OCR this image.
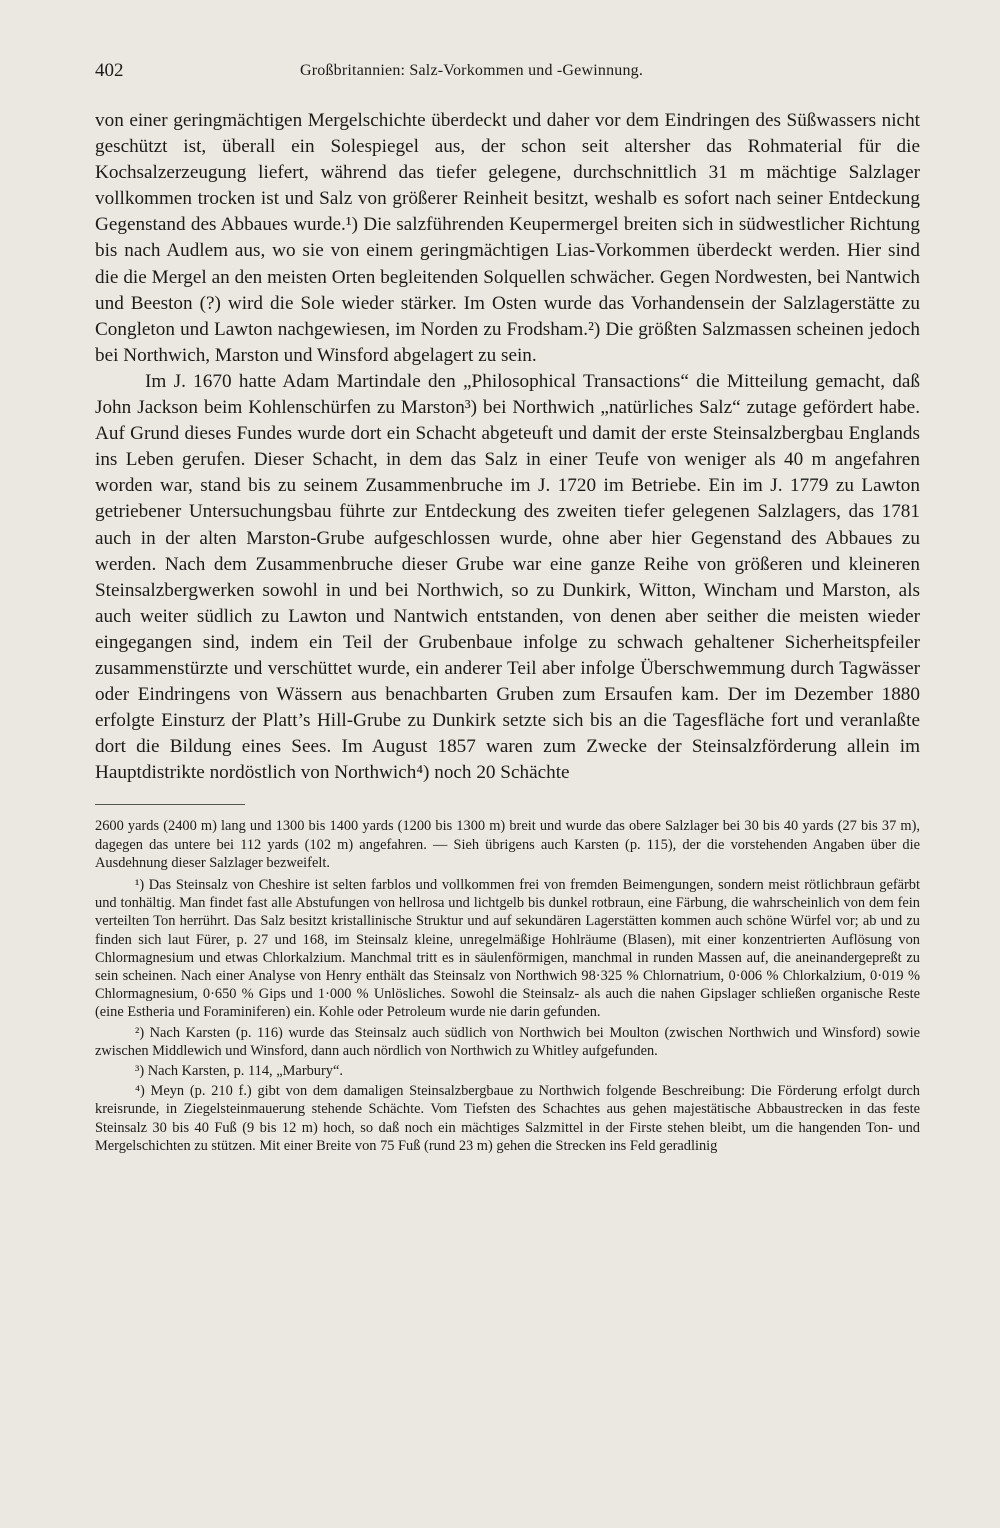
402	Großbritannien: Salz-Vorkommen und -Gewinnung.

von einer geringmächtigen Mergelschichte überdeckt und daher vor dem Eindringen des Süßwassers nicht geschützt ist, überall ein Solespiegel aus, der schon seit altersher das Rohmaterial für die Kochsalzerzeugung liefert, während das tiefer gelegene, durchschnittlich 31 m mächtige Salzlager vollkommen trocken ist und Salz von größerer Reinheit besitzt, weshalb es sofort nach seiner Entdeckung Gegenstand des Abbaues wurde.¹) Die salzführenden Keupermergel breiten sich in südwestlicher Richtung bis nach Audlem aus, wo sie von einem geringmächtigen Lias-Vorkommen überdeckt werden. Hier sind die die Mergel an den meisten Orten begleitenden Solquellen schwächer. Gegen Nordwesten, bei Nantwich und Beeston (?) wird die Sole wieder stärker. Im Osten wurde das Vorhandensein der Salzlagerstätte zu Congleton und Lawton nachgewiesen, im Norden zu Frodsham.²) Die größten Salzmassen scheinen jedoch bei Northwich, Marston und Winsford abgelagert zu sein.

Im J. 1670 hatte Adam Martindale den „Philosophical Transactions“ die Mitteilung gemacht, daß John Jackson beim Kohlenschürfen zu Marston³) bei Northwich „natürliches Salz“ zutage gefördert habe. Auf Grund dieses Fundes wurde dort ein Schacht abgeteuft und damit der erste Steinsalzbergbau Englands ins Leben gerufen. Dieser Schacht, in dem das Salz in einer Teufe von weniger als 40 m angefahren worden war, stand bis zu seinem Zusammenbruche im J. 1720 im Betriebe. Ein im J. 1779 zu Lawton getriebener Untersuchungsbau führte zur Entdeckung des zweiten tiefer gelegenen Salzlagers, das 1781 auch in der alten Marston-Grube aufgeschlossen wurde, ohne aber hier Gegenstand des Abbaues zu werden. Nach dem Zusammenbruche dieser Grube war eine ganze Reihe von größeren und kleineren Steinsalzbergwerken sowohl in und bei Northwich, so zu Dunkirk, Witton, Wincham und Marston, als auch weiter südlich zu Lawton und Nantwich entstanden, von denen aber seither die meisten wieder eingegangen sind, indem ein Teil der Grubenbaue infolge zu schwach gehaltener Sicherheitspfeiler zusammenstürzte und verschüttet wurde, ein anderer Teil aber infolge Überschwemmung durch Tagwässer oder Eindringens von Wässern aus benachbarten Gruben zum Ersaufen kam. Der im Dezember 1880 erfolgte Einsturz der Platt’s Hill-Grube zu Dunkirk setzte sich bis an die Tagesfläche fort und veranlaßte dort die Bildung eines Sees. Im August 1857 waren zum Zwecke der Steinsalzförderung allein im Hauptdistrikte nordöstlich von Northwich⁴) noch 20 Schächte

2600 yards (2400 m) lang und 1300 bis 1400 yards (1200 bis 1300 m) breit und wurde das obere Salzlager bei 30 bis 40 yards (27 bis 37 m), dagegen das untere bei 112 yards (102 m) angefahren. — Sieh übrigens auch Karsten (p. 115), der die vorstehenden Angaben über die Ausdehnung dieser Salzlager bezweifelt.

¹) Das Steinsalz von Cheshire ist selten farblos und vollkommen frei von fremden Beimengungen, sondern meist rötlichbraun gefärbt und tonhältig. Man findet fast alle Abstufungen von hellrosa und lichtgelb bis dunkel rotbraun, eine Färbung, die wahrscheinlich von dem fein verteilten Ton herrührt. Das Salz besitzt kristallinische Struktur und auf sekundären Lagerstätten kommen auch schöne Würfel vor; ab und zu finden sich laut Fürer, p. 27 und 168, im Steinsalz kleine, unregelmäßige Hohlräume (Blasen), mit einer konzentrierten Auflösung von Chlormagnesium und etwas Chlorkalzium. Manchmal tritt es in säulenförmigen, manchmal in runden Massen auf, die aneinandergepreßt zu sein scheinen. Nach einer Analyse von Henry enthält das Steinsalz von Northwich 98·325 % Chlornatrium, 0·006 % Chlorkalzium, 0·019 % Chlormagnesium, 0·650 % Gips und 1·000 % Unlösliches. Sowohl die Steinsalz- als auch die nahen Gipslager schließen organische Reste (eine Estheria und Foraminiferen) ein. Kohle oder Petroleum wurde nie darin gefunden.

²) Nach Karsten (p. 116) wurde das Steinsalz auch südlich von Northwich bei Moulton (zwischen Northwich und Winsford) sowie zwischen Middlewich und Winsford, dann auch nördlich von Northwich zu Whitley aufgefunden.

³) Nach Karsten, p. 114, „Marbury“.

⁴) Meyn (p. 210 f.) gibt von dem damaligen Steinsalzbergbaue zu Northwich folgende Beschreibung: Die Förderung erfolgt durch kreisrunde, in Ziegelsteinmauerung stehende Schächte. Vom Tiefsten des Schachtes aus gehen majestätische Abbaustrecken in das feste Steinsalz 30 bis 40 Fuß (9 bis 12 m) hoch, so daß noch ein mächtiges Salzmittel in der Firste stehen bleibt, um die hangenden Ton- und Mergelschichten zu stützen. Mit einer Breite von 75 Fuß (rund 23 m) gehen die Strecken ins Feld geradlinig
